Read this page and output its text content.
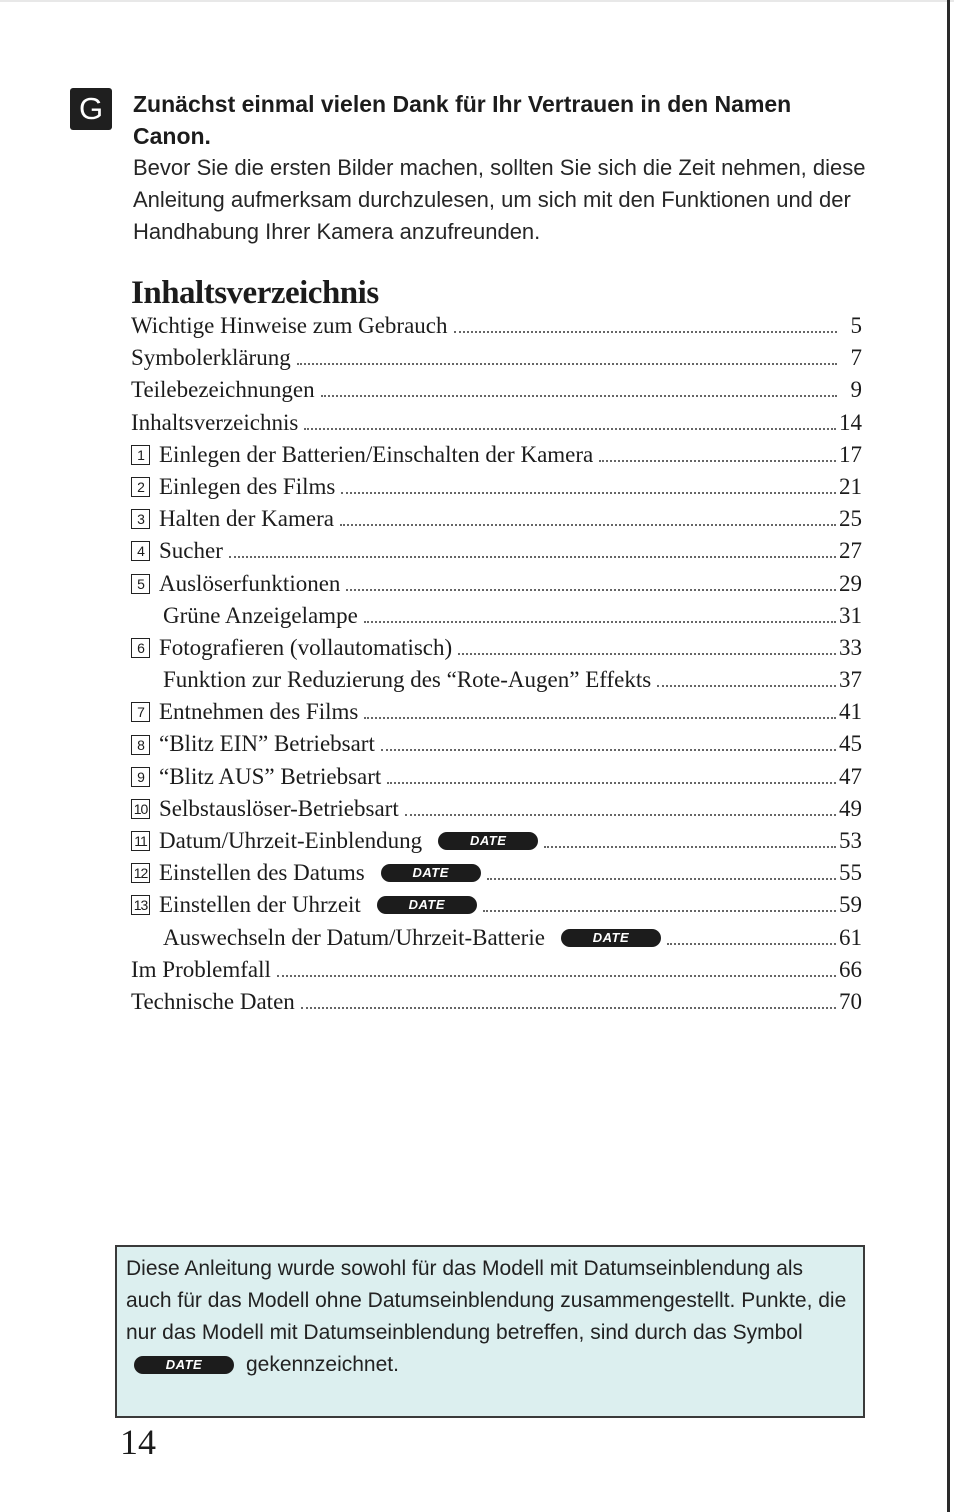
G	Zunächst einmal vielen Dank für Ihr Vertrauen in den Namen Canon.
Bevor Sie die ersten Bilder machen, sollten Sie sich die Zeit nehmen, diese Anleitung aufmerksam durchzulesen, um sich mit den Funktionen und der Handhabung Ihrer Kamera anzufreunden.
Inhaltsverzeichnis
Wichtige Hinweise zum Gebrauch	5
Symbolerklärung	7
Teilebezeichnungen	9
Inhaltsverzeichnis	14
1 Einlegen der Batterien/Einschalten der Kamera	17
2 Einlegen des Films	21
3 Halten der Kamera	25
4 Sucher	27
5 Auslöserfunktionen	29
Grüne Anzeigelampe	31
6 Fotografieren (vollautomatisch)	33
Funktion zur Reduzierung des “Rote-Augen” Effekts	37
7 Entnehmen des Films	41
8 “Blitz EIN” Betriebsart	45
9 “Blitz AUS” Betriebsart	47
10 Selbstauslöser-Betriebsart	49
11 Datum/Uhrzeit-Einblendung	DATE	53
12 Einstellen des Datums	DATE	55
13 Einstellen der Uhrzeit	DATE	59
Auswechseln der Datum/Uhrzeit-Batterie	DATE	61
Im Problemfall	66
Technische Daten	70
Diese Anleitung wurde sowohl für das Modell mit Datumseinblendung als auch für das Modell ohne Datumseinblendung zusammengestellt. Punkte, die nur das Modell mit Datumseinblendung betreffen, sind durch das Symbol
DATE gekennzeichnet.
14
